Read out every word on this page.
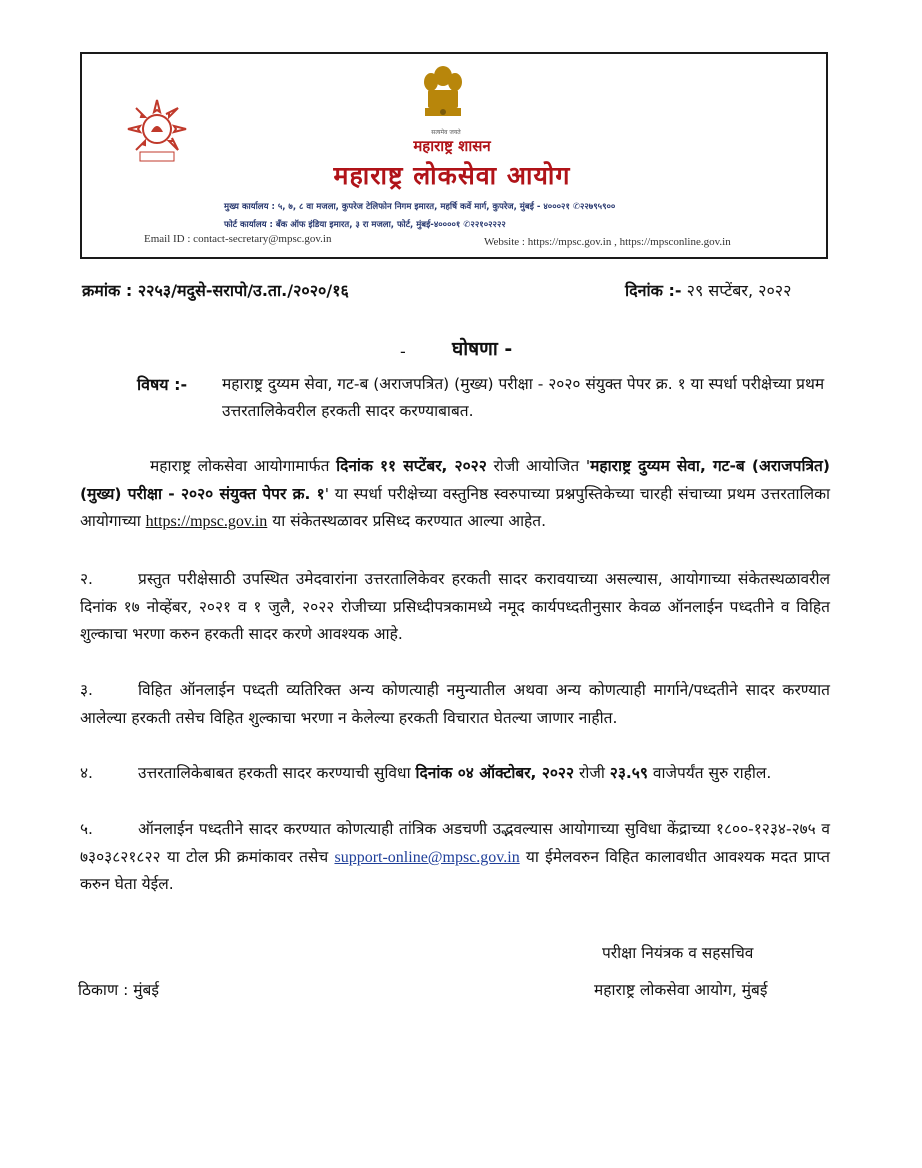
सत्यमेव जयते
महाराष्ट्र शासन
महाराष्ट्र लोकसेवा आयोग
मुख्य कार्यालय : ५, ७, ८ वा मजला, कुपरेज टेलिफोन निगम इमारत, महर्षि कर्वे मार्ग, कुपरेज, मुंबई - ४०००२१ ✆२२७९५९००
फोर्ट कार्यालय : बँक ऑफ इंडिया इमारत, ३ रा मजला, फोर्ट, मुंबई-४००००१ ✆२२१०२२२२
Email ID : contact-secretary@mpsc.gov.in	Website : https://mpsc.gov.in , https://mpsconline.gov.in
क्रमांक : २२५३/मदुसे-सरापो/उ.ता./२०२०/१६	दिनांक :- २९ सप्टेंबर, २०२२
- घोषणा -
विषय :- महाराष्ट्र दुय्यम सेवा, गट-ब (अराजपत्रित) (मुख्य) परीक्षा - २०२० संयुक्त पेपर क्र. १ या स्पर्धा परीक्षेच्या प्रथम उत्तरतालिकेवरील हरकती सादर करण्याबाबत.
महाराष्ट्र लोकसेवा आयोगामार्फत दिनांक ११ सप्टेंबर, २०२२ रोजी आयोजित 'महाराष्ट्र दुय्यम सेवा, गट-ब (अराजपत्रित) (मुख्य) परीक्षा - २०२० संयुक्त पेपर क्र. १' या स्पर्धा परीक्षेच्या वस्तुनिष्ठ स्वरुपाच्या प्रश्नपुस्तिकेच्या चारही संचाच्या प्रथम उत्तरतालिका आयोगाच्या https://mpsc.gov.in या संकेतस्थळावर प्रसिध्द करण्यात आल्या आहेत.
२.	प्रस्तुत परीक्षेसाठी उपस्थित उमेदवारांना उत्तरतालिकेवर हरकती सादर करावयाच्या असल्यास, आयोगाच्या संकेतस्थळावरील दिनांक १७ नोव्हेंबर, २०२१ व १ जुलै, २०२२ रोजीच्या प्रसिध्दीपत्रकामध्ये नमूद कार्यपध्दतीनुसार केवळ ऑनलाईन पध्दतीने व विहित शुल्काचा भरणा करुन हरकती सादर करणे आवश्यक आहे.
३.	विहित ऑनलाईन पध्दती व्यतिरिक्त अन्य कोणत्याही नमुन्यातील अथवा अन्य कोणत्याही मार्गाने/पध्दतीने सादर करण्यात आलेल्या हरकती तसेच विहित शुल्काचा भरणा न केलेल्या हरकती विचारात घेतल्या जाणार नाहीत.
४.	उत्तरतालिकेबाबत हरकती सादर करण्याची सुविधा दिनांक ०४ ऑक्टोबर, २०२२ रोजी २३.५९ वाजेपर्यंत सुरु राहील.
५.	ऑनलाईन पध्दतीने सादर करण्यात कोणत्याही तांत्रिक अडचणी उद्भवल्यास आयोगाच्या सुविधा केंद्राच्या १८००-१२३४-२७५ व ७३०३८२१८२२ या टोल फ्री क्रमांकावर तसेच support-online@mpsc.gov.in या ईमेलवरुन विहित कालावधीत आवश्यक मदत प्राप्त करुन घेता येईल.
परीक्षा नियंत्रक व सहसचिव
ठिकाण : मुंबई	महाराष्ट्र लोकसेवा आयोग, मुंबई
